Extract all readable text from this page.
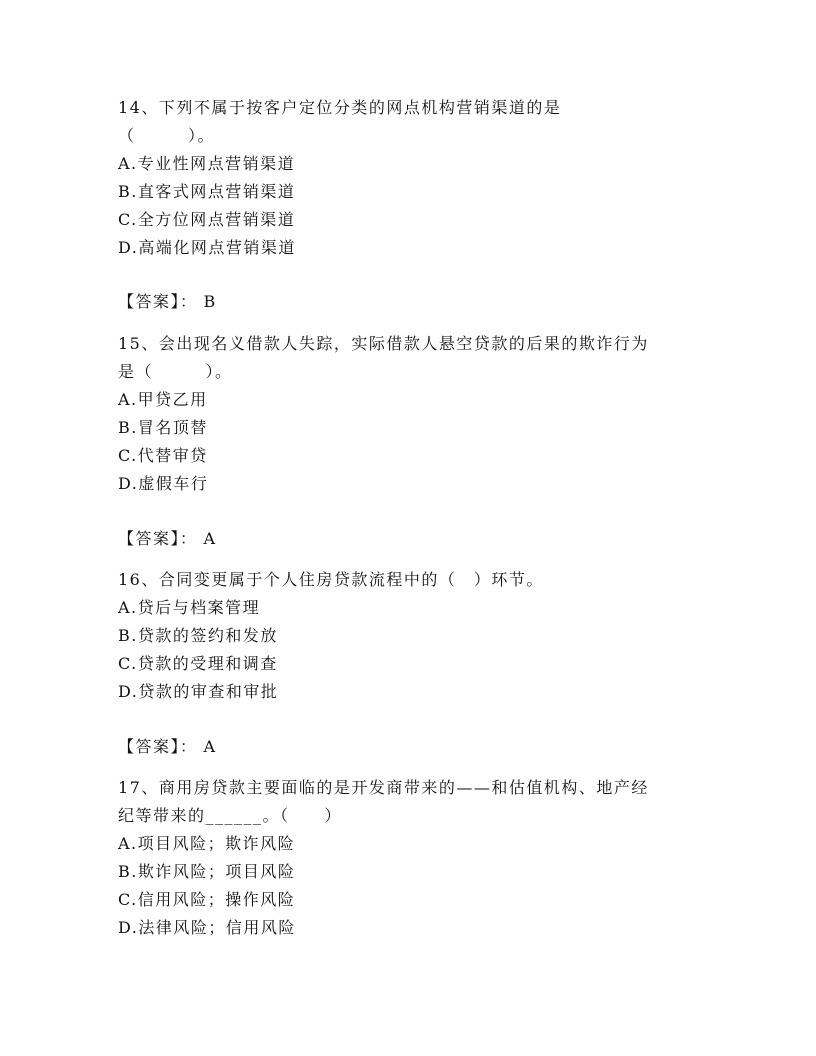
14、下列不属于按客户定位分类的网点机构营销渠道的是
（　　　）。

A.专业性网点营销渠道
B.直客式网点营销渠道
C.全方位网点营销渠道
D.高端化网点营销渠道
【答案】： B

15、会出现名义借款人失踪，实际借款人悬空贷款的后果的欺诈行为
是（　　　）。

A.甲贷乙用
B.冒名顶替
C.代替审贷
D.虚假车行
【答案】： A

16、合同变更属于个人住房贷款流程中的（　）环节。

A.贷后与档案管理
B.贷款的签约和发放
C.贷款的受理和调查
D.贷款的审查和审批
【答案】： A

17、商用房贷款主要面临的是开发商带来的——和估值机构、地产经
纪等带来的______。（　　）

A.项目风险；欺诈风险
B.欺诈风险；项目风险
C.信用风险；操作风险
D.法律风险；信用风险
